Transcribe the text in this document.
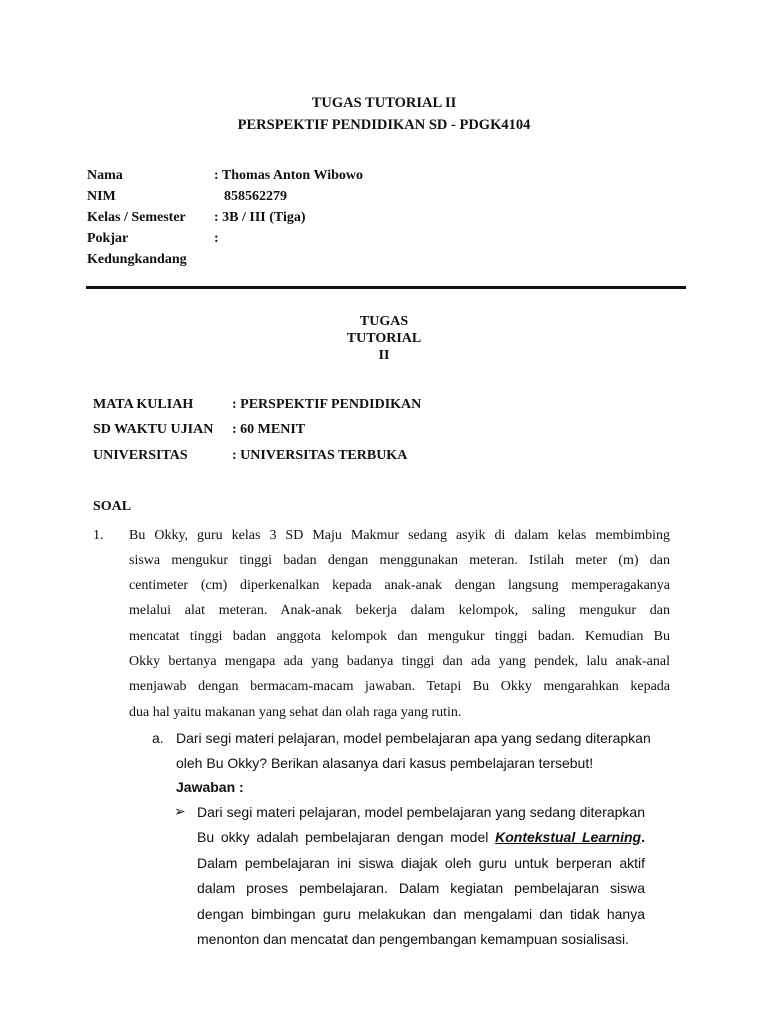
TUGAS TUTORIAL II
PERSPEKTIF PENDIDIKAN SD - PDGK4104
Nama	: Thomas Anton Wibowo
NIM	858562279
Kelas / Semester : 3B / III (Tiga)
Pokjar	:
Kedungkandang
TUGAS
TUTORIAL
II
MATA KULIAH	: PERSPEKTIF PENDIDIKAN
SD WAKTU UJIAN : 60 MENIT
UNIVERSITAS	: UNIVERSITAS TERBUKA
SOAL
1. Bu Okky, guru kelas 3 SD Maju Makmur sedang asyik di dalam kelas membimbing
siswa mengukur tinggi badan dengan menggunakan meteran. Istilah meter (m) dan
centimeter (cm) diperkenalkan kepada anak-anak dengan langsung memperagakanya
melalui alat meteran. Anak-anak bekerja dalam kelompok, saling mengukur dan
mencatat tinggi badan anggota kelompok dan mengukur tinggi badan. Kemudian Bu
Okky bertanya mengapa ada yang badanya tinggi dan ada yang pendek, lalu anak-anal
menjawab dengan bermacam-macam jawaban. Tetapi Bu Okky mengarahkan kepada
dua hal yaitu makanan yang sehat dan olah raga yang rutin.
a. Dari segi materi pelajaran, model pembelajaran apa yang sedang diterapkan
oleh Bu Okky? Berikan alasanya dari kasus pembelajaran tersebut!
Jawaban :
➢ Dari segi materi pelajaran, model pembelajaran yang sedang diterapkan
Bu okky adalah pembelajaran dengan model Kontekstual Learning.
Dalam pembelajaran ini siswa diajak oleh guru untuk berperan aktif
dalam proses pembelajaran. Dalam kegiatan pembelajaran siswa
dengan bimbingan guru melakukan dan mengalami dan tidak hanya
menonton dan mencatat dan pengembangan kemampuan sosialisasi.
